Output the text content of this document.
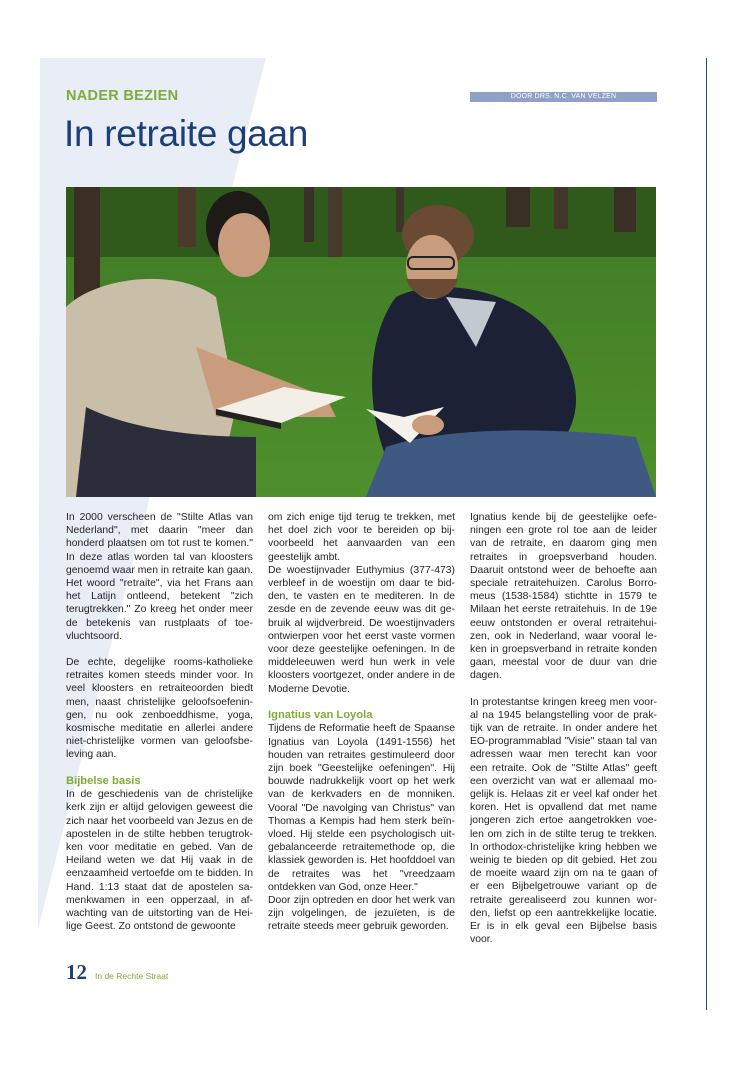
NADER BEZIEN	DOOR DRS. N.C. VAN VELZEN
In retraite gaan

In 2000 verscheen de "Stilte Atlas van Nederland", met daarin "meer dan honderd plaatsen om tot rust te komen." In deze atlas worden tal van kloosters genoemd waar men in retraite kan gaan. Het woord "retraite", via het Frans aan het Latijn ontleend, betekent "zich terugtrekken." Zo kreeg het onder meer de betekenis van rustplaats of toevluchtsoord.

De echte, degelijke rooms-katholieke retraites komen steeds minder voor. In veel kloosters en retraiteoorden biedt men, naast christelijke geloofsoefeningen, nu ook zenboeddhisme, yoga, kosmische meditatie en allerlei andere niet-christelijke vormen van geloofsbeleving aan.

Bijbelse basis

In de geschiedenis van de christelijke kerk zijn er altijd gelovigen geweest die zich naar het voorbeeld van Jezus en de apostelen in de stilte hebben terugtrokken voor meditatie en gebed. Van de Heiland weten we dat Hij vaak in de eenzaamheid vertoefde om te bidden. In Hand. 1:13 staat dat de apostelen samenkwamen in een opperzaal, in afwachting van de uitstorting van de Heilige Geest. Zo ontstond de gewoonte

om zich enige tijd terug te trekken, met het doel zich voor te bereiden op bijvoorbeeld het aanvaarden van een geestelijk ambt.

De woestijnvader Euthymius (377-473) verbleef in de woestijn om daar te bidden, te vasten en te mediteren. In de zesde en de zevende eeuw was dit gebruik al wijdverbreid. De woestijnvaders ontwierpen voor het eerst vaste vormen voor deze geestelijke oefeningen. In de middeleeuwen werd hun werk in vele kloosters voortgezet, onder andere in de Moderne Devotie.

Ignatius van Loyola

Tijdens de Reformatie heeft de Spaanse Ignatius van Loyola (1491-1556) het houden van retraites gestimuleerd door zijn boek "Geestelijke oefeningen". Hij bouwde nadrukkelijk voort op het werk van de kerkvaders en de monniken. Vooral "De navolging van Christus" van Thomas a Kempis had hem sterk beïnvloed. Hij stelde een psychologisch uitgebalanceerde retraitemethode op, die klassiek geworden is. Het hoofddoel van de retraites was het "vreedzaam ontdekken van God, onze Heer."

Door zijn optreden en door het werk van zijn volgelingen, de jezuïeten, is de retraite steeds meer gebruik geworden.

Ignatius kende bij de geestelijke oefeningen een grote rol toe aan de leider van de retraite, en daarom ging men retraites in groepsverband houden. Daaruit ontstond weer de behoefte aan speciale retraitehuizen. Carolus Borromeus (1538-1584) stichtte in 1579 te Milaan het eerste retraitehuis. In de 19e eeuw ontstonden er overal retraitehuizen, ook in Nederland, waar vooral leken in groepsverband in retraite konden gaan, meestal voor de duur van drie dagen.

In protestantse kringen kreeg men vooral na 1945 belangstelling voor de praktijk van de retraite. In onder andere het EO-programmablad "Visie" staan tal van adressen waar men terecht kan voor een retraite. Ook de "Stilte Atlas" geeft een overzicht van wat er allemaal mogelijk is. Helaas zit er veel kaf onder het koren. Het is opvallend dat met name jongeren zich ertoe aangetrokken voelen om zich in de stilte terug te trekken. In orthodox-christelijke kring hebben we weinig te bieden op dit gebied. Het zou de moeite waard zijn om na te gaan of er een Bijbelgetrouwe variant op de retraite gerealiseerd zou kunnen worden, liefst op een aantrekkelijke locatie. Er is in elk geval een Bijbelse basis voor.

12 In de Rechte Straat
